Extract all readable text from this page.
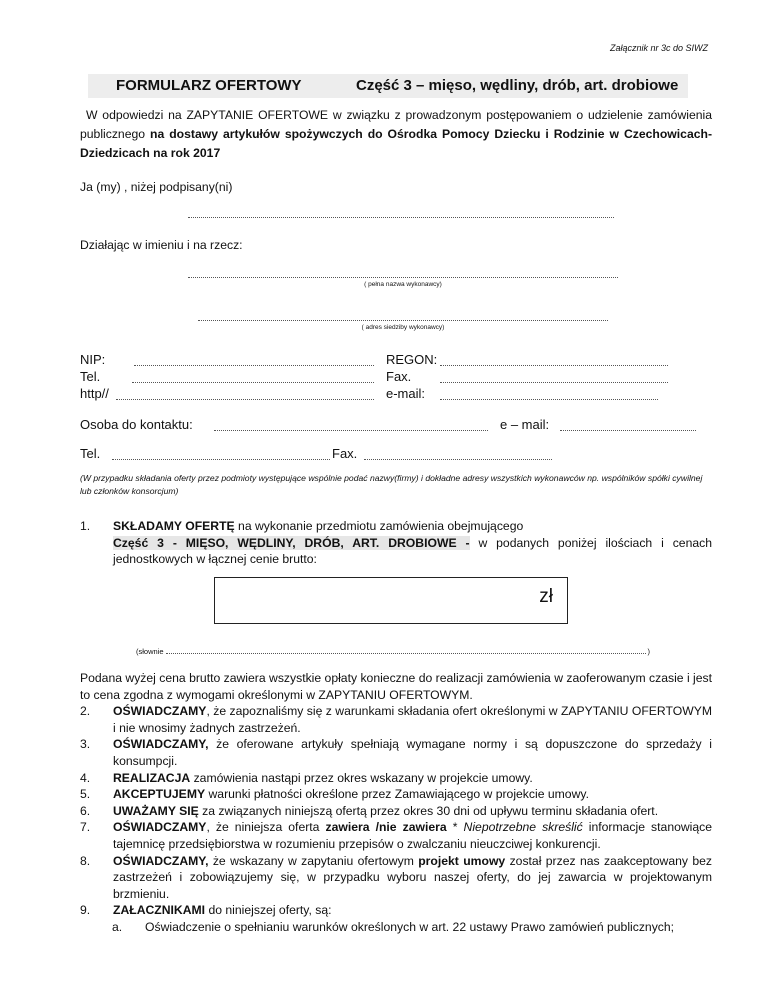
Załącznik nr 3c do SIWZ
FORMULARZ OFERTOWY	Część 3 – mięso, wędliny, drób, art. drobiowe
W odpowiedzi na ZAPYTANIE OFERTOWE w związku z prowadzonym postępowaniem o udzielenie zamówienia publicznego na dostawy artykułów spożywczych do Ośrodka Pomocy Dziecku i Rodzinie w Czechowicach-Dziedzicach na rok 2017
Ja (my) , niżej podpisany(ni)
Działając w imieniu i na rzecz:
( pełna nazwa wykonawcy)
( adres siedziby wykonawcy)
NIP:	REGON:
Tel.	Fax.
http//	e-mail:
Osoba do kontaktu:	e – mail:
Tel.	Fax.
(W przypadku składania oferty przez podmioty występujące wspólnie podać nazwy(firmy) i dokładne adresy wszystkich wykonawców np. wspólników spółki cywilnej lub członków konsorcjum)
1.	SKŁADAMY OFERTĘ na wykonanie przedmiotu zamówienia obejmującego
Część 3 - MIĘSO, WĘDLINY, DRÓB, ART. DROBIOWE - w podanych poniżej ilościach i cenach jednostkowych w łącznej cenie brutto:
zł
(słownie	)
Podana wyżej cena brutto zawiera wszystkie opłaty konieczne do realizacji zamówienia w zaoferowanym czasie i jest to cena zgodna z wymogami określonymi w ZAPYTANIU OFERTOWYM.
2.	OŚWIADCZAMY, że zapoznaliśmy się z warunkami składania ofert określonymi w ZAPYTANIU OFERTOWYM i nie wnosimy żadnych zastrzeżeń.
3.	OŚWIADCZAMY, że oferowane artykuły spełniają wymagane normy i są dopuszczone do sprzedaży i konsumpcji.
4.	REALIZACJA zamówienia nastąpi przez okres wskazany w projekcie umowy.
5.	AKCEPTUJEMY warunki płatności określone przez Zamawiającego w projekcie umowy.
6.	UWAŻAMY SIĘ za związanych niniejszą ofertą przez okres 30 dni od upływu terminu składania ofert.
7.	OŚWIADCZAMY, że niniejsza oferta zawiera /nie zawiera * Niepotrzebne skreślić informacje stanowiące tajemnicę przedsiębiorstwa w rozumieniu przepisów o zwalczaniu nieuczciwej konkurencji.
8.	OŚWIADCZAMY, że wskazany w zapytaniu ofertowym projekt umowy został przez nas zaakceptowany bez zastrzeżeń i zobowiązujemy się, w przypadku wyboru naszej oferty, do jej zawarcia w projektowanym brzmieniu.
9.	ZAŁACZNIKAMI do niniejszej oferty, są:
a.	Oświadczenie o spełnianiu warunków określonych w art. 22 ustawy Prawo zamówień publicznych;
